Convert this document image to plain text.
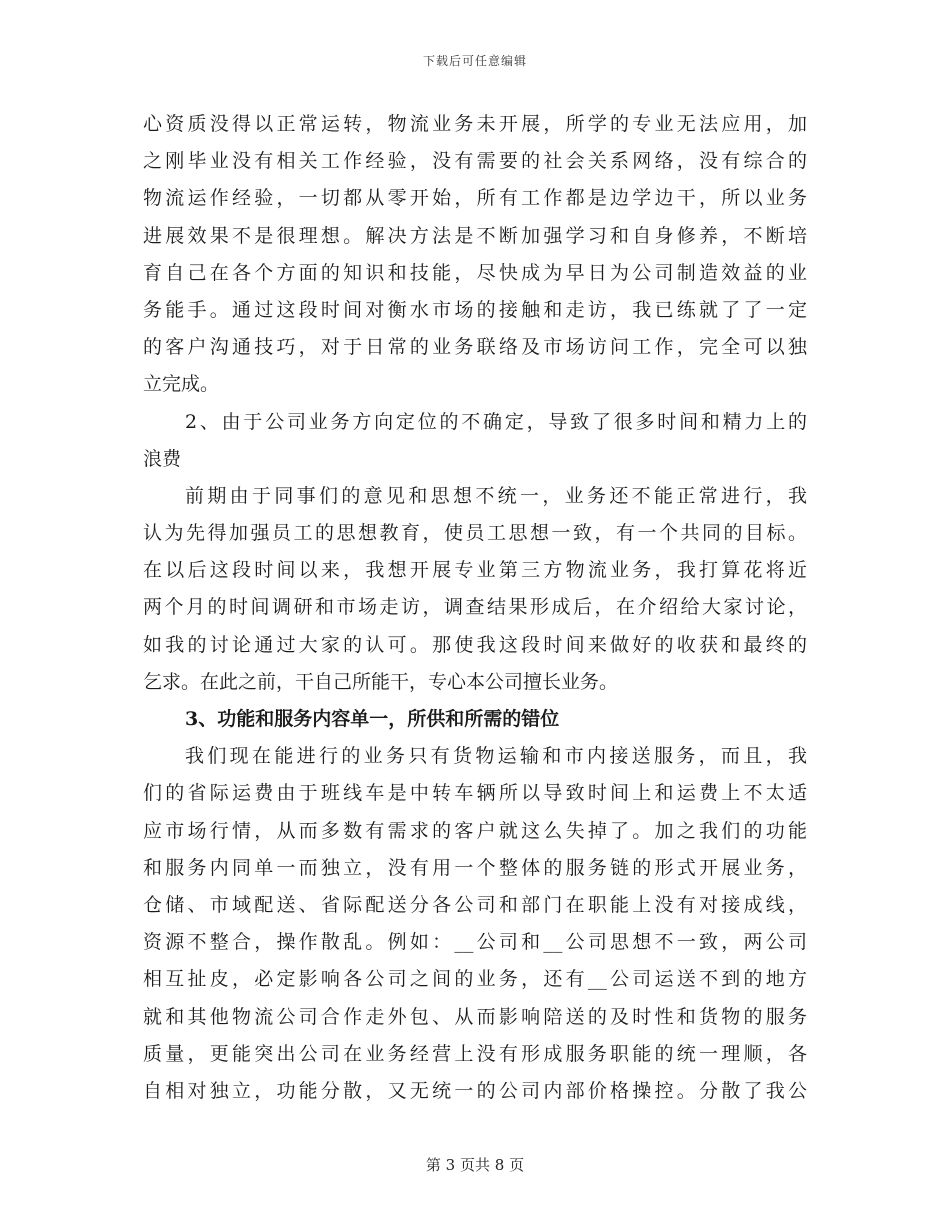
下载后可任意编辑
心资质没得以正常运转，物流业务未开展，所学的专业无法应用，加
之刚毕业没有相关工作经验，没有需要的社会关系网络，没有综合的
物流运作经验，一切都从零开始，所有工作都是边学边干，所以业务
进展效果不是很理想。解决方法是不断加强学习和自身修养，不断培
育自己在各个方面的知识和技能，尽快成为早日为公司制造效益的业
务能手。通过这段时间对衡水市场的接触和走访，我已练就了了一定
的客户沟通技巧，对于日常的业务联络及市场访问工作，完全可以独
立完成。
2、由于公司业务方向定位的不确定，导致了很多时间和精力上的
浪费
前期由于同事们的意见和思想不统一，业务还不能正常进行，我
认为先得加强员工的思想教育，使员工思想一致，有一个共同的目标。
在以后这段时间以来，我想开展专业第三方物流业务，我打算花将近
两个月的时间调研和市场走访，调查结果形成后，在介绍给大家讨论，
如我的讨论通过大家的认可。那使我这段时间来做好的收获和最终的
乞求。在此之前，干自己所能干，专心本公司擅长业务。
3、功能和服务内容单一，所供和所需的错位
我们现在能进行的业务只有货物运输和市内接送服务，而且，我
们的省际运费由于班线车是中转车辆所以导致时间上和运费上不太适
应市场行情，从而多数有需求的客户就这么失掉了。加之我们的功能
和服务内同单一而独立，没有用一个整体的服务链的形式开展业务，
仓储、市域配送、省际配送分各公司和部门在职能上没有对接成线，
资源不整合，操作散乱。例如：__公司和__公司思想不一致，两公司
相互扯皮，必定影响各公司之间的业务，还有__公司运送不到的地方
就和其他物流公司合作走外包、从而影响陪送的及时性和货物的服务
质量，更能突出公司在业务经营上没有形成服务职能的统一理顺，各
自相对独立，功能分散，又无统一的公司内部价格操控。分散了我公
第 3 页共 8 页
